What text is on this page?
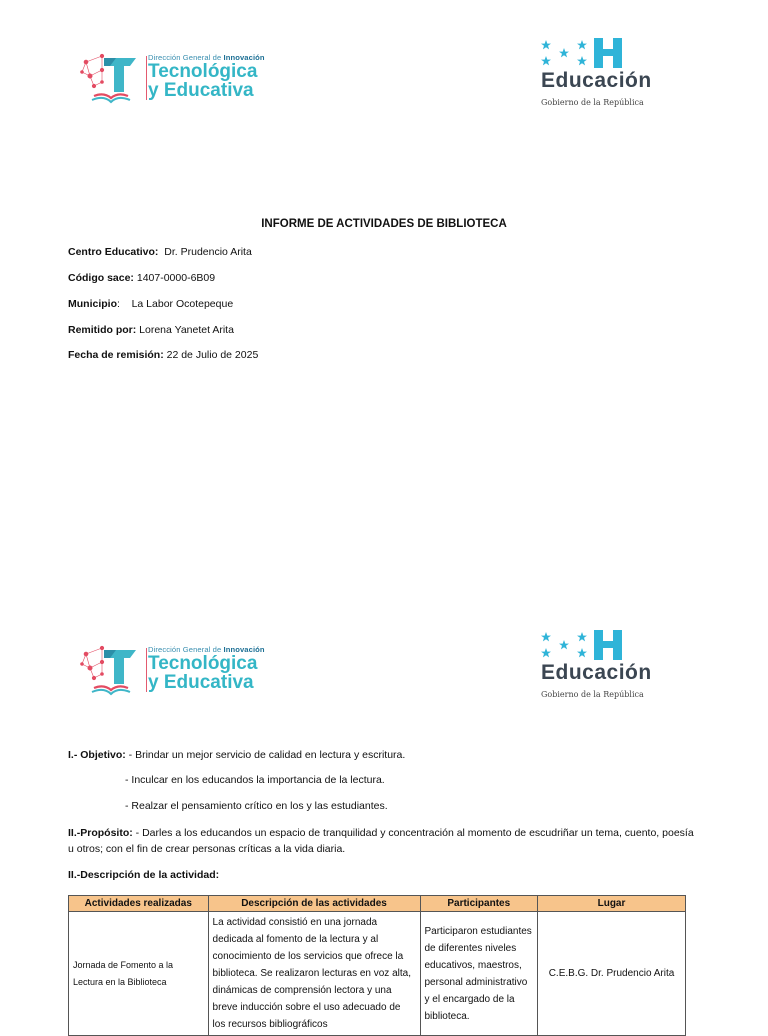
Dirección General de Innovación
Tecnológica
y Educativa	Educación
Gobierno de la República
INFORME DE ACTIVIDADES DE BIBLIOTECA
Centro Educativo:  Dr. Prudencio Arita
Código sace: 1407-0000-6B09
Municipio:    La Labor Ocotepeque
Remitido por: Lorena Yanetet Arita
Fecha de remisión: 22 de Julio de 2025
Dirección General de Innovación
Tecnológica
y Educativa	Educación
Gobierno de la República
I.- Objetivo: - Brindar un mejor servicio de calidad en lectura y escritura.
- Inculcar en los educandos la importancia de la lectura.
- Realzar el pensamiento crítico en los y las estudiantes.
II.-Propósito: - Darles a los educandos un espacio de tranquilidad y concentración al momento de escudriñar un tema, cuento, poesía
u otros; con el fin de crear personas críticas a la vida diaria.
II.-Descripción de la actividad:
Actividades realizadas	Descripción de las actividades	Participantes	Lugar
Jornada de Fomento a la Lectura en la Biblioteca	La actividad consistió en una jornada dedicada al fomento de la lectura y al conocimiento de los servicios que ofrece la biblioteca. Se realizaron lecturas en voz alta, dinámicas de comprensión lectora y una breve inducción sobre el uso adecuado de los recursos bibliográficos	Participaron estudiantes de diferentes niveles educativos, maestros, personal administrativo y el encargado de la biblioteca.	C.E.B.G. Dr. Prudencio Arita
